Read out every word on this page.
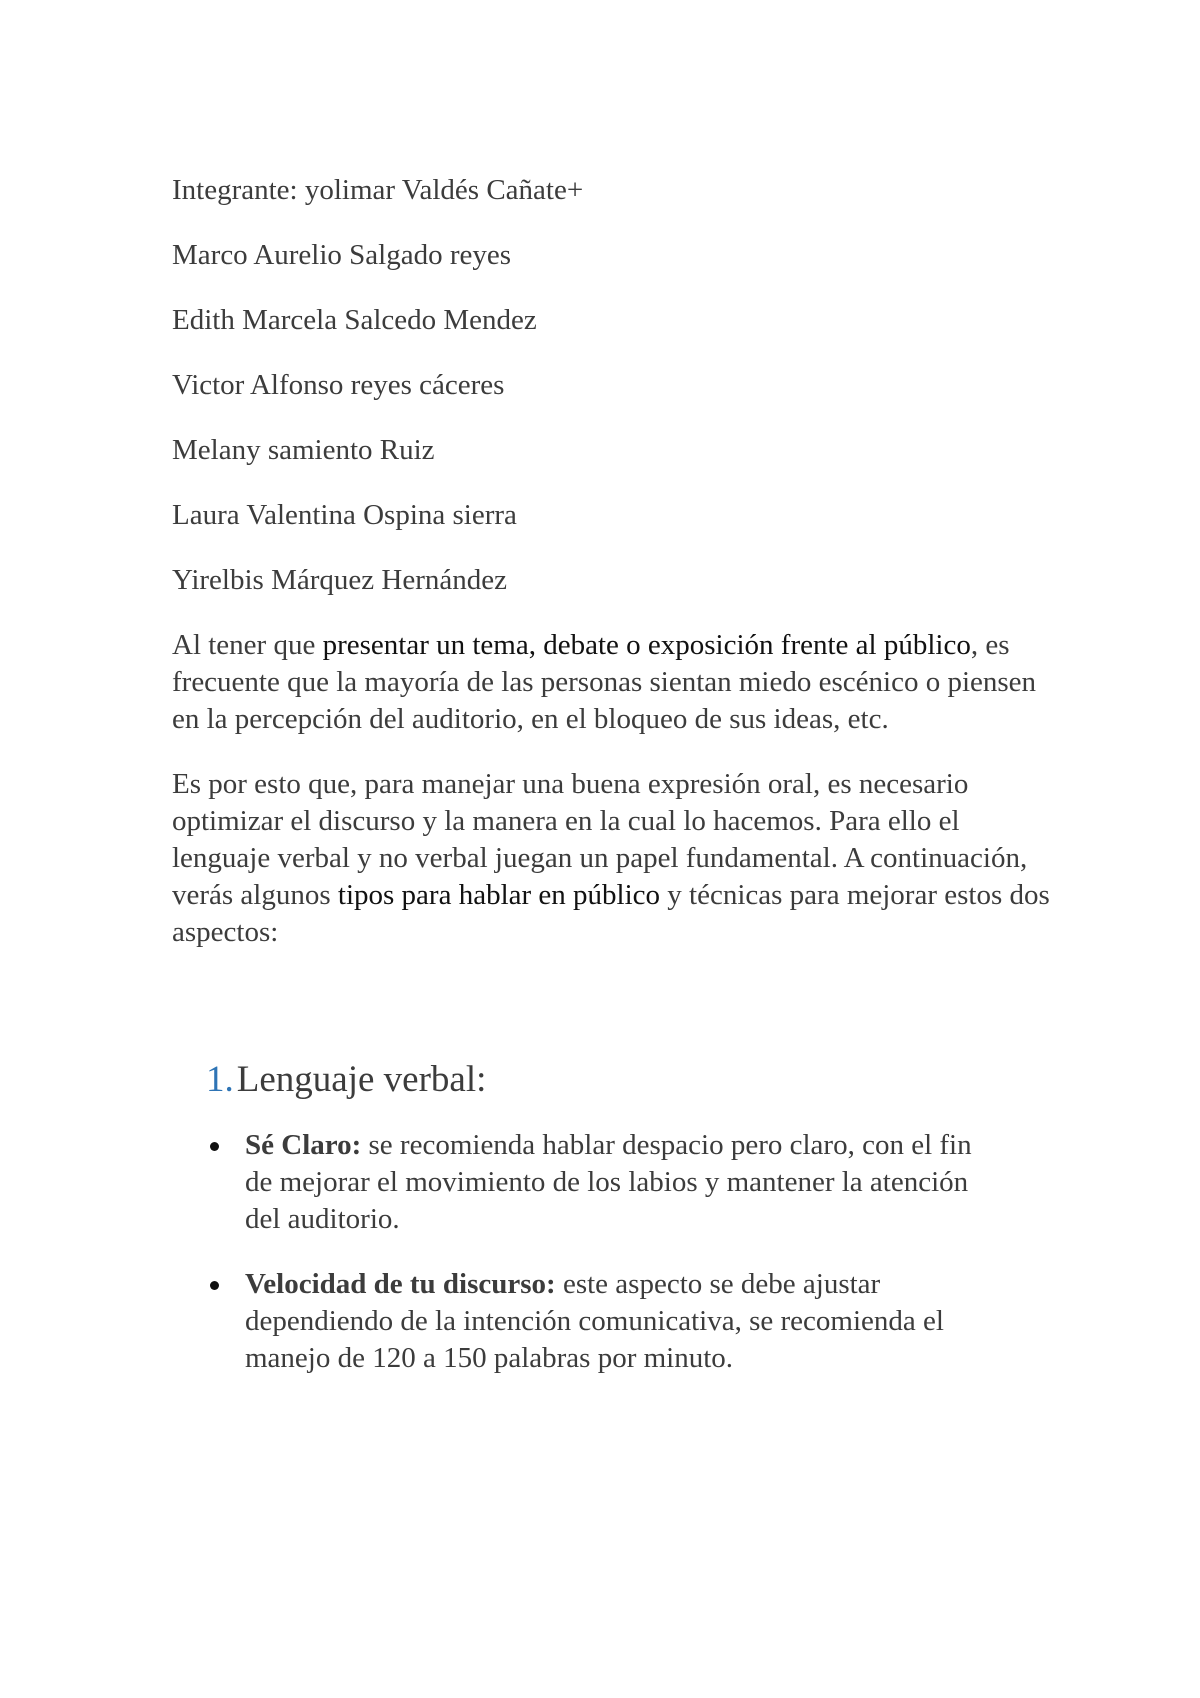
Integrante: yolimar Valdés Cañate+

Marco Aurelio Salgado reyes

Edith Marcela Salcedo Mendez

Victor Alfonso reyes cáceres

Melany samiento Ruiz

Laura Valentina Ospina sierra

Yirelbis Márquez Hernández

Al tener que presentar un tema, debate o exposición frente al público, es frecuente que la mayoría de las personas sientan miedo escénico o piensen en la percepción del auditorio, en el bloqueo de sus ideas, etc.

Es por esto que, para manejar una buena expresión oral, es necesario optimizar el discurso y la manera en la cual lo hacemos. Para ello el lenguaje verbal y no verbal juegan un papel fundamental. A continuación, verás algunos tipos para hablar en público y técnicas para mejorar estos dos aspectos:

1.Lenguaje verbal:
Sé Claro: se recomienda hablar despacio pero claro, con el fin de mejorar el movimiento de los labios y mantener la atención del auditorio.
Velocidad de tu discurso: este aspecto se debe ajustar dependiendo de la intención comunicativa, se recomienda el manejo de 120 a 150 palabras por minuto.
